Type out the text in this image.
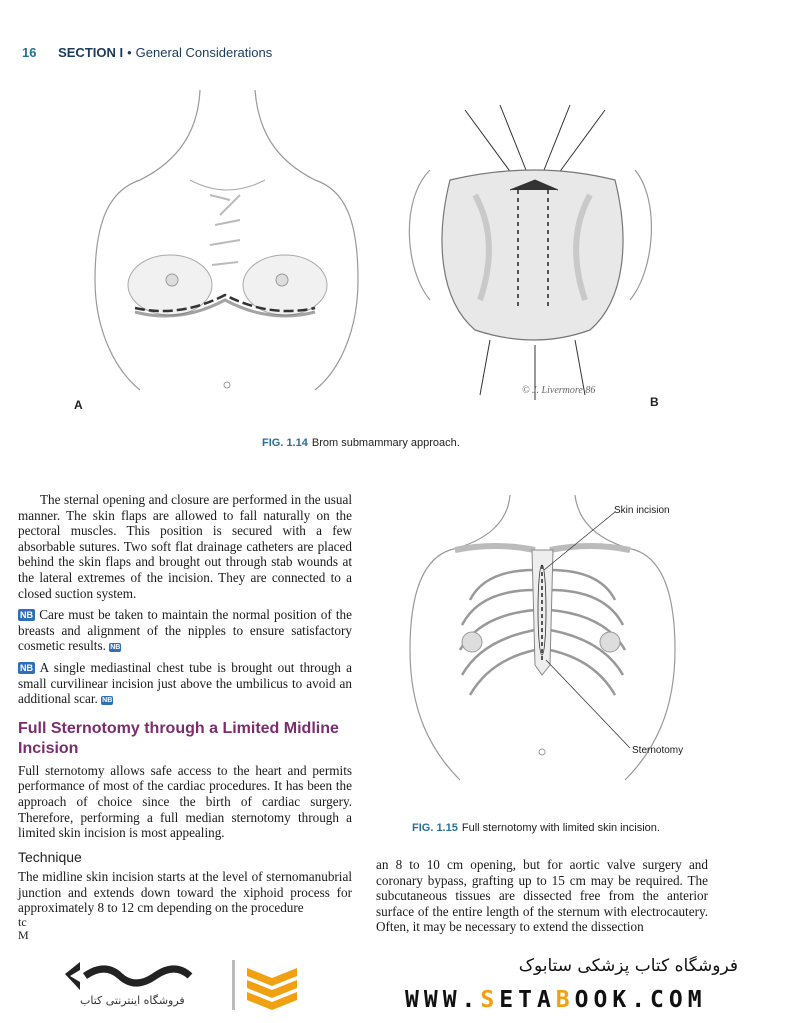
16 SECTION I • General Considerations
A
© J. Livermore 86
B
FIG. 1.14 Brom submammary approach.

The sternal opening and closure are performed in the usual manner. The skin flaps are allowed to fall naturally on the pectoral muscles. This position is secured with a few absorbable sutures. Two soft flat drainage catheters are placed behind the skin flaps and brought out through stab wounds at the lateral extremes of the incision. They are connected to a closed suction system.

NB Care must be taken to maintain the normal position of the breasts and alignment of the nipples to ensure satisfactory cosmetic results. NB

NB A single mediastinal chest tube is brought out through a small curvilinear incision just above the umbilicus to avoid an additional scar. NB

Full Sternotomy through a Limited Midline Incision

Full sternotomy allows safe access to the heart and permits performance of most of the cardiac procedures. It has been the approach of choice since the birth of cardiac surgery. Therefore, performing a full median sternotomy through a limited skin incision is most appealing.

Technique

The midline skin incision starts at the level of sternomanubrial junction and extends down toward the xiphoid process for approximately 8 to 12 cm depending on the procedure

tc
M
Skin incision
Sternotomy
FIG. 1.15 Full sternotomy with limited skin incision.

an 8 to 10 cm opening, but for aortic valve surgery and coronary bypass, grafting up to 15 cm may be required. The subcutaneous tissues are dissected free from the anterior surface of the entire length of the sternum with electrocautery. Often, it may be necessary to extend the dissection

فروشگاه اینترنتی کتاب
فروشگاه کتاب پزشکی ستابوک
WWW.SETABOOK.COM
